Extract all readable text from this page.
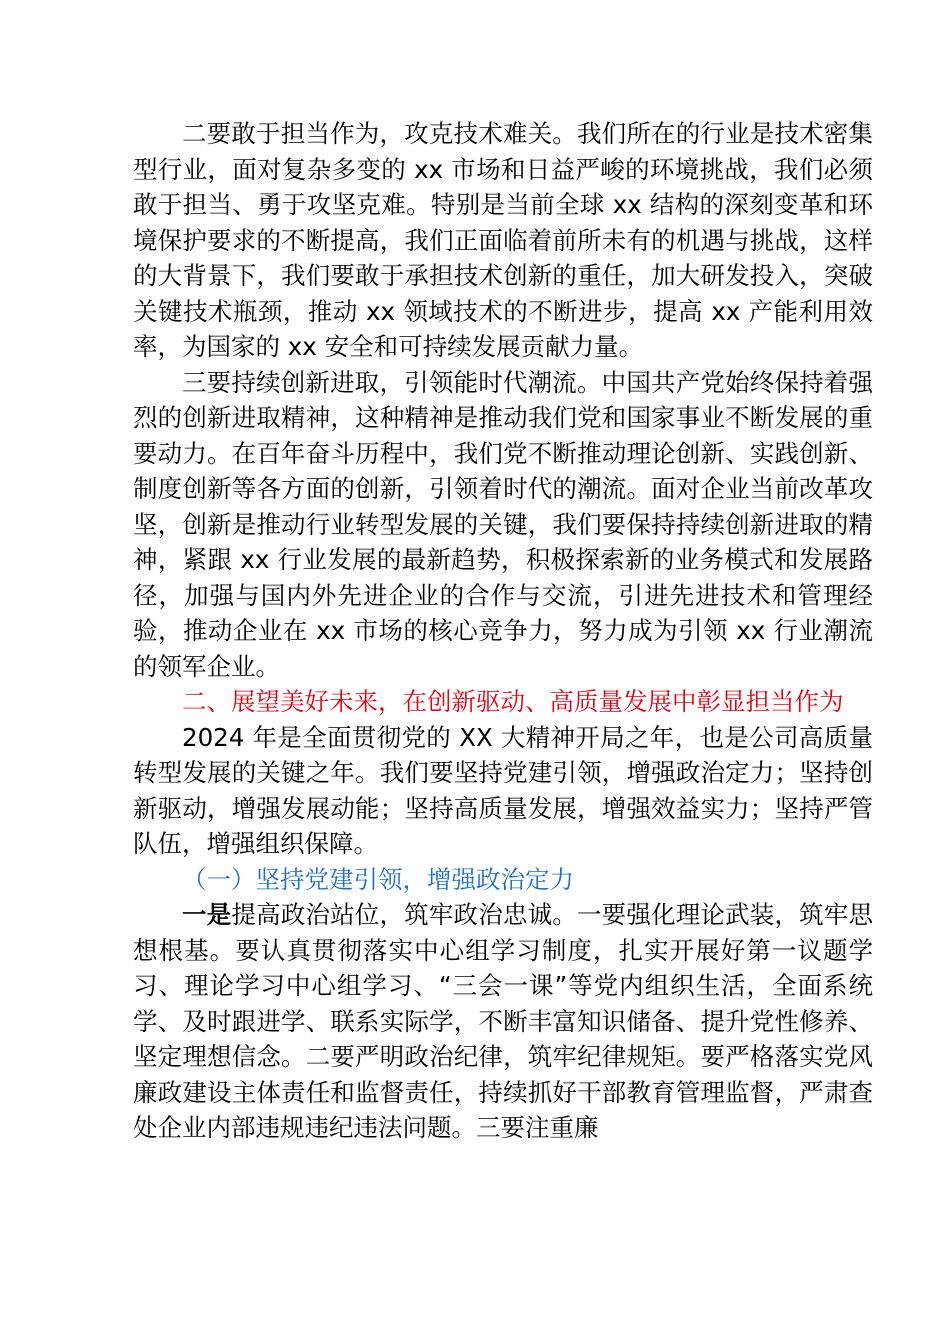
二要敢于担当作为，攻克技术难关。我们所在的行业是技术密集型行业，面对复杂多变的 xx 市场和日益严峻的环境挑战，我们必须敢于担当、勇于攻坚克难。特别是当前全球 xx 结构的深刻变革和环境保护要求的不断提高，我们正面临着前所未有的机遇与挑战，这样的大背景下，我们要敢于承担技术创新的重任，加大研发投入，突破关键技术瓶颈，推动 xx 领域技术的不断进步，提高 xx 产能利用效率，为国家的 xx 安全和可持续发展贡献力量。

三要持续创新进取，引领能时代潮流。中国共产党始终保持着强烈的创新进取精神，这种精神是推动我们党和国家事业不断发展的重要动力。在百年奋斗历程中，我们党不断推动理论创新、实践创新、制度创新等各方面的创新，引领着时代的潮流。面对企业当前改革攻坚，创新是推动行业转型发展的关键，我们要保持持续创新进取的精神，紧跟 xx 行业发展的最新趋势，积极探索新的业务模式和发展路径，加强与国内外先进企业的合作与交流，引进先进技术和管理经验，推动企业在 xx 市场的核心竞争力，努力成为引领 xx 行业潮流的领军企业。

二、展望美好未来，在创新驱动、高质量发展中彰显担当作为

2024 年是全面贯彻党的 XX 大精神开局之年，也是公司高质量转型发展的关键之年。我们要坚持党建引领，增强政治定力；坚持创新驱动，增强发展动能；坚持高质量发展，增强效益实力；坚持严管队伍，增强组织保障。

（一）坚持党建引领，增强政治定力

一是提高政治站位，筑牢政治忠诚。一要强化理论武装，筑牢思想根基。要认真贯彻落实中心组学习制度，扎实开展好第一议题学习、理论学习中心组学习、“三会一课”等党内组织生活，全面系统学、及时跟进学、联系实际学，不断丰富知识储备、提升党性修养、坚定理想信念。二要严明政治纪律，筑牢纪律规矩。要严格落实党风廉政建设主体责任和监督责任，持续抓好干部教育管理监督，严肃查处企业内部违规违纪违法问题。三要注重廉
